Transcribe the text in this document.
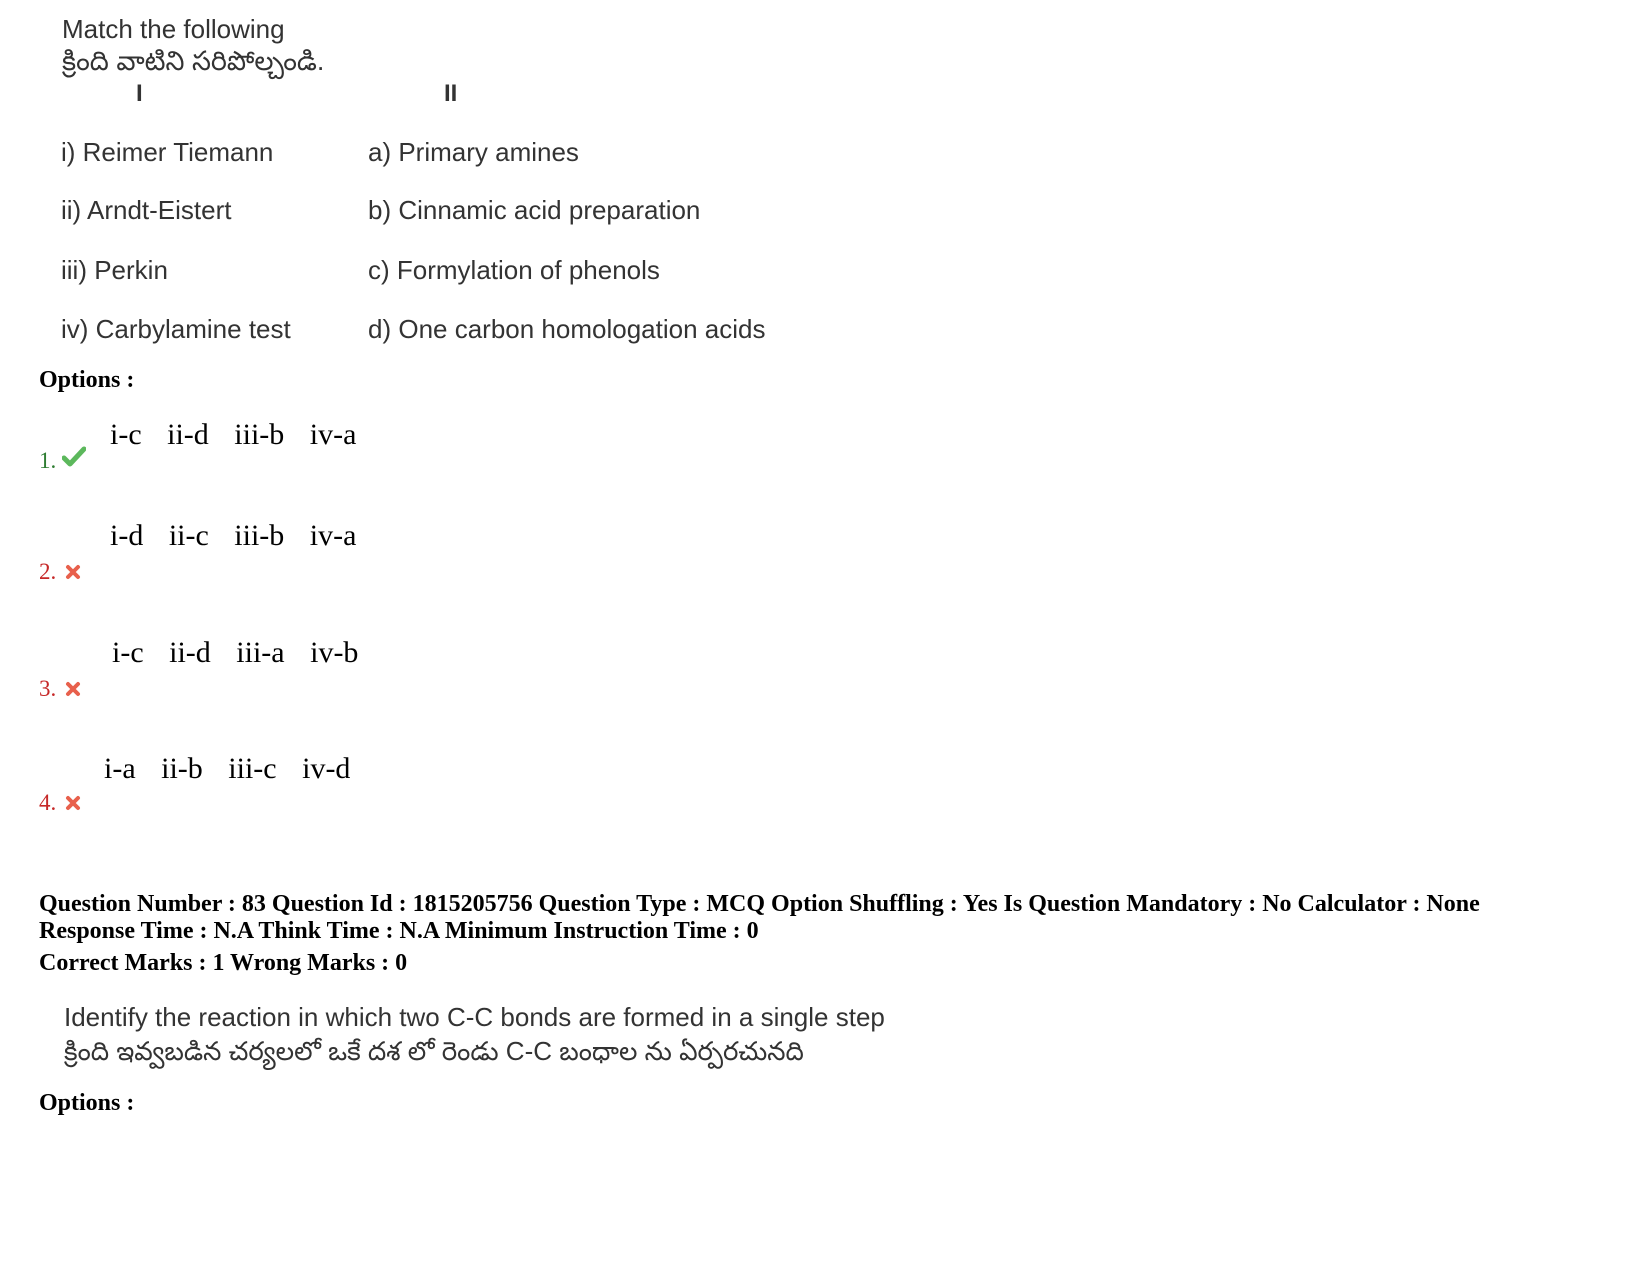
Match the following
క్రింది వాటిని సరిపోల్చండి.
I	II
i) Reimer Tiemann
ii) Arndt-Eistert
iii) Perkin
iv) Carbylamine test
a) Primary amines
b) Cinnamic acid preparation
c) Formylation of phenols
d) One carbon homologation acids
Options :
i-c ii-d iii-b iv-a
1.
i-d ii-c iii-b iv-a
2.
i-c ii-d iii-a iv-b
3.
i-a ii-b iii-c iv-d
4.
Question Number : 83 Question Id : 1815205756 Question Type : MCQ Option Shuffling : Yes Is Question Mandatory : No Calculator : None
Response Time : N.A Think Time : N.A Minimum Instruction Time : 0
Correct Marks : 1 Wrong Marks : 0
Identify the reaction in which two C-C bonds are formed in a single step
క్రింది ఇవ్వబడిన చర్యలలో ఒకే దశ లో రెండు C-C బంధాల ను ఏర్పరచునది
Options :
